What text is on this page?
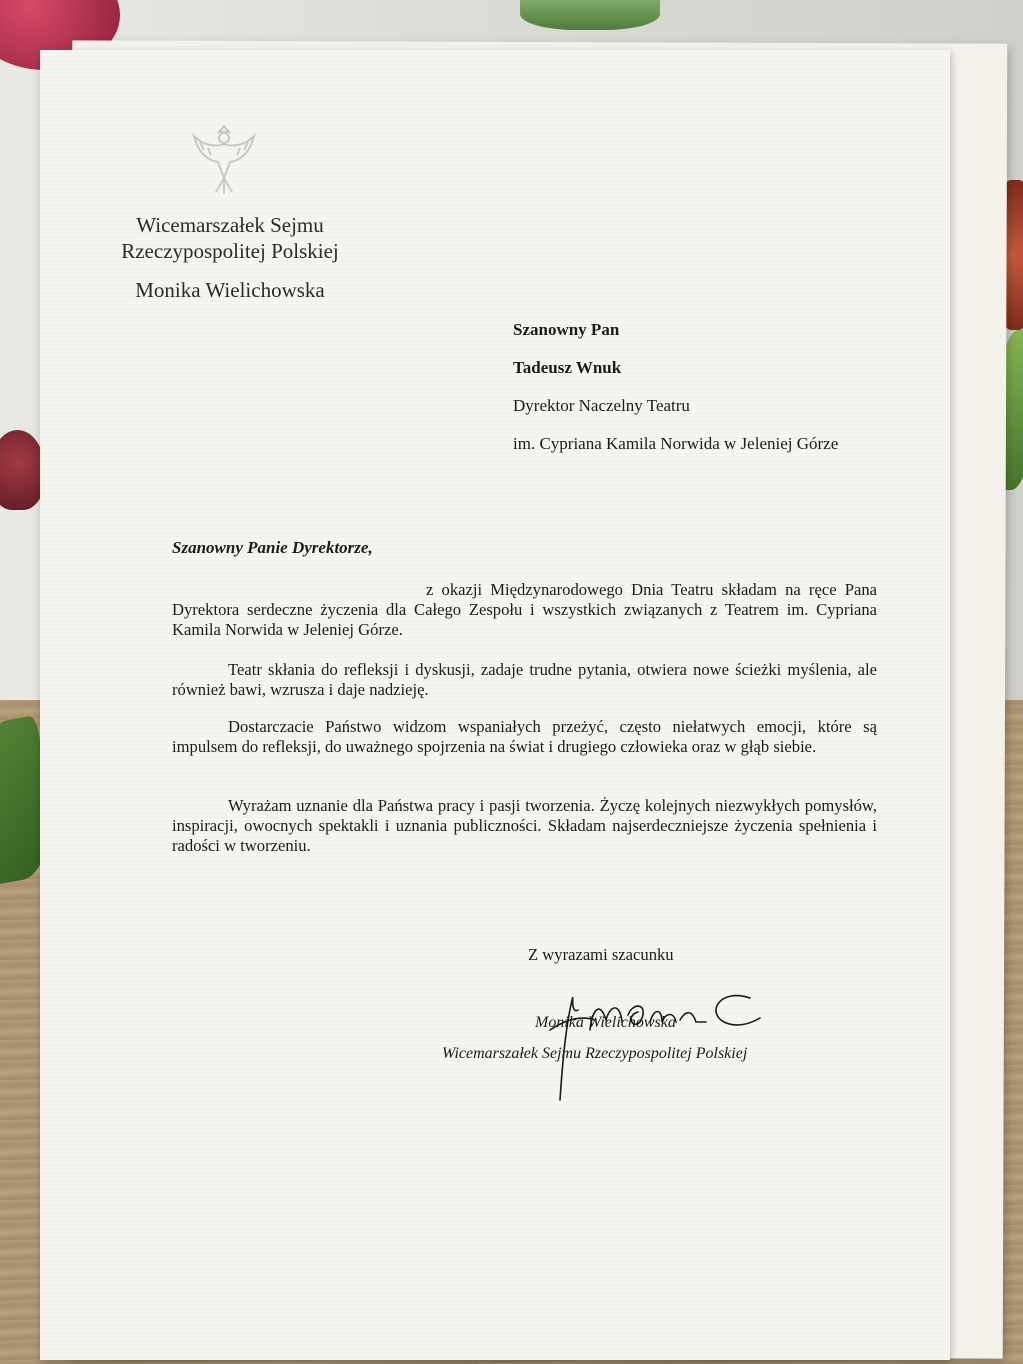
Wicemarszałek Sejmu
Rzeczypospolitej Polskiej
Monika Wielichowska
Szanowny Pan
Tadeusz Wnuk
Dyrektor Naczelny Teatru
im. Cypriana Kamila Norwida w Jeleniej Górze
Szanowny Panie Dyrektorze,
z okazji Międzynarodowego Dnia Teatru składam na ręce Pana Dyrektora serdeczne życzenia dla Całego Zespołu i wszystkich związanych z Teatrem im. Cypriana Kamila Norwida w Jeleniej Górze.
Teatr skłania do refleksji i dyskusji, zadaje trudne pytania, otwiera nowe ścieżki myślenia, ale również bawi, wzrusza i daje nadzieję.
Dostarczacie Państwo widzom wspaniałych przeżyć, często niełatwych emocji, które są impulsem do refleksji, do uważnego spojrzenia na świat i drugiego człowieka oraz w głąb siebie.
Wyrażam uznanie dla Państwa pracy i pasji tworzenia. Życzę kolejnych niezwykłych pomysłów, inspiracji, owocnych spektakli i uznania publiczności. Składam najserdeczniejsze życzenia spełnienia i radości w tworzeniu.
Z wyrazami szacunku
Monika Wielichowska
Wicemarszałek Sejmu Rzeczypospolitej Polskiej
